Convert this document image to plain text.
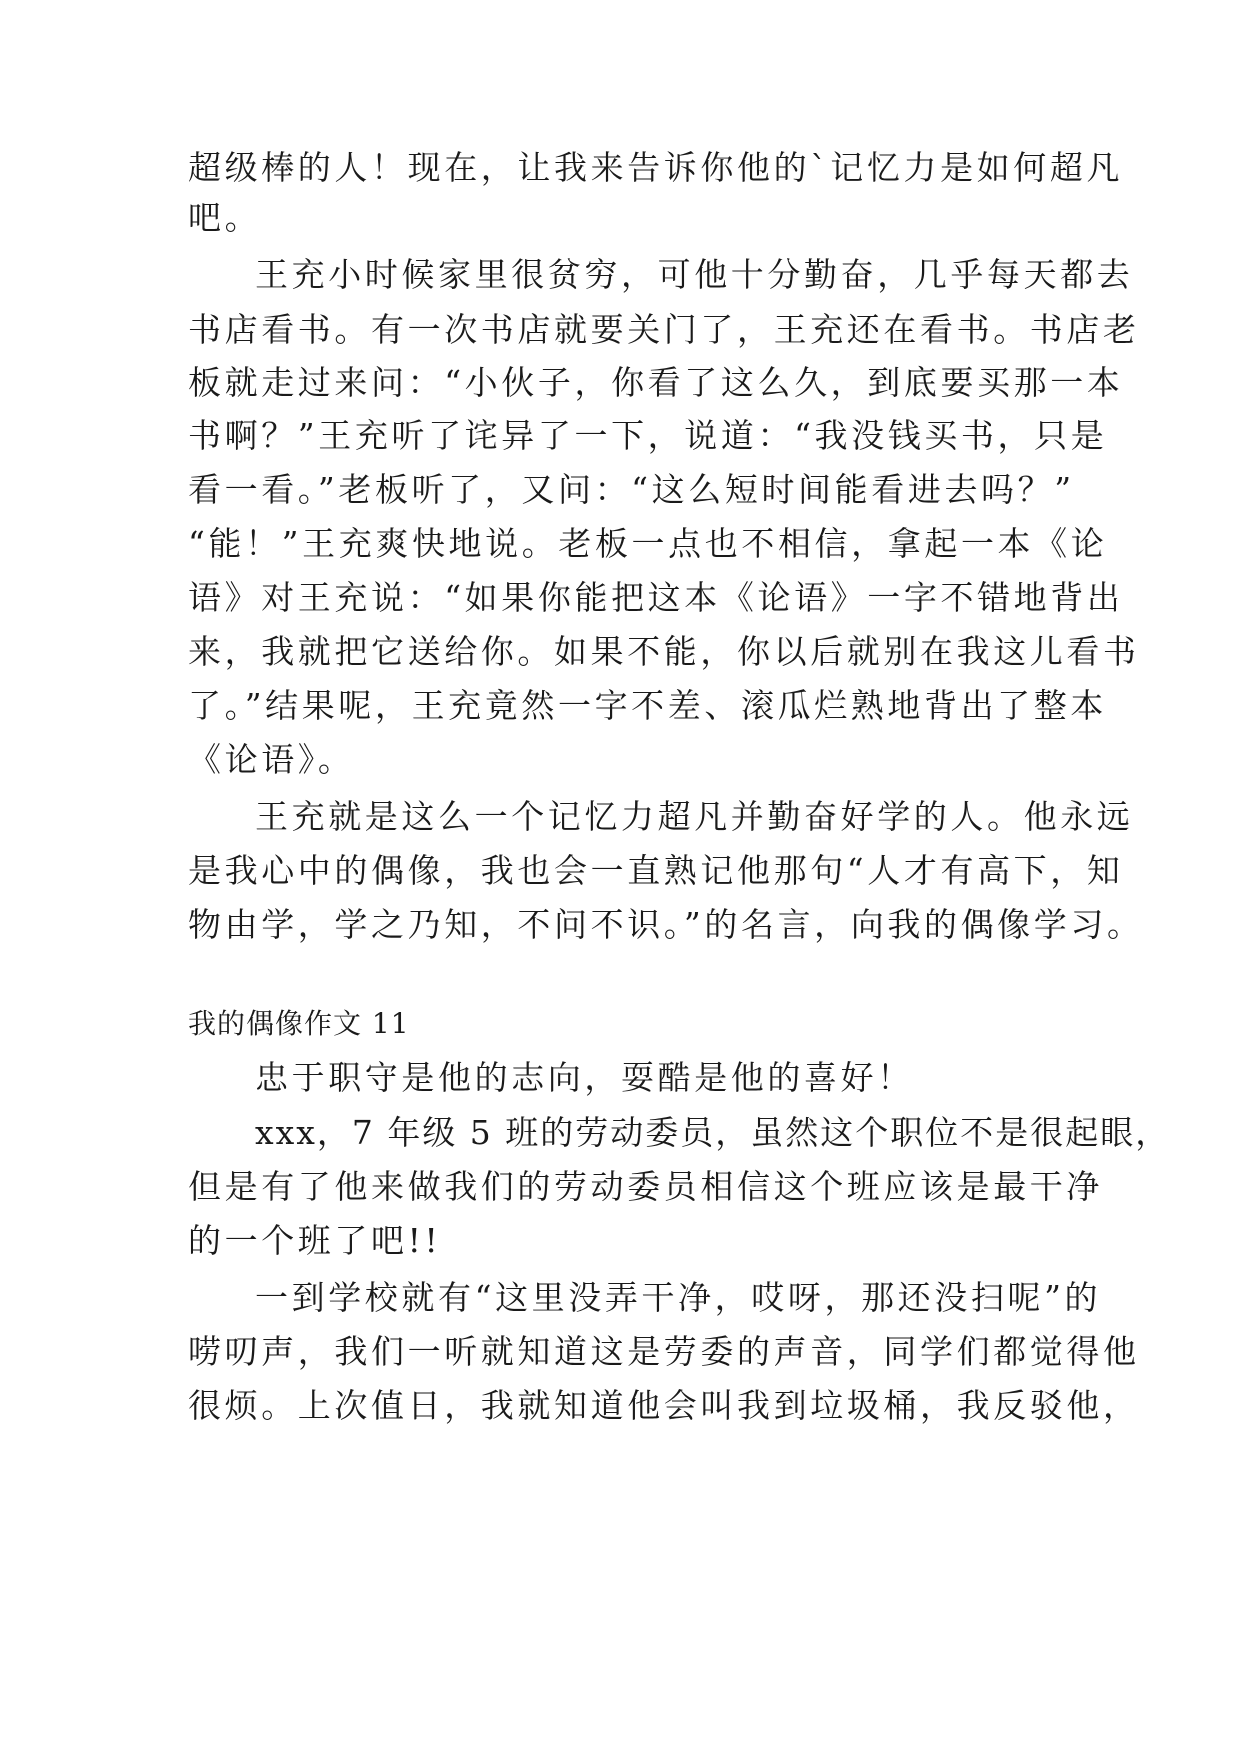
超级棒的人！现在，让我来告诉你他的`记忆力是如何超凡
吧。
王充小时候家里很贫穷，可他十分勤奋，几乎每天都去
书店看书。有一次书店就要关门了，王充还在看书。书店老
板就走过来问：“小伙子，你看了这么久，到底要买那一本
书啊？”王充听了诧异了一下，说道：“我没钱买书，只是
看一看。”老板听了，又问：“这么短时间能看进去吗？”
“能！”王充爽快地说。老板一点也不相信，拿起一本《论
语》对王充说：“如果你能把这本《论语》一字不错地背出
来，我就把它送给你。如果不能，你以后就别在我这儿看书
了。”结果呢，王充竟然一字不差、滚瓜烂熟地背出了整本
《论语》。
王充就是这么一个记忆力超凡并勤奋好学的人。他永远
是我心中的偶像，我也会一直熟记他那句“人才有高下，知
物由学，学之乃知，不问不识。”的名言，向我的偶像学习。
我的偶像作文 11
忠于职守是他的志向，耍酷是他的喜好！
xxx，7 年级 5 班的劳动委员，虽然这个职位不是很起眼，
但是有了他来做我们的劳动委员相信这个班应该是最干净
的一个班了吧!!
一到学校就有“这里没弄干净，哎呀，那还没扫呢”的
唠叨声，我们一听就知道这是劳委的声音，同学们都觉得他
很烦。上次值日，我就知道他会叫我到垃圾桶，我反驳他，
